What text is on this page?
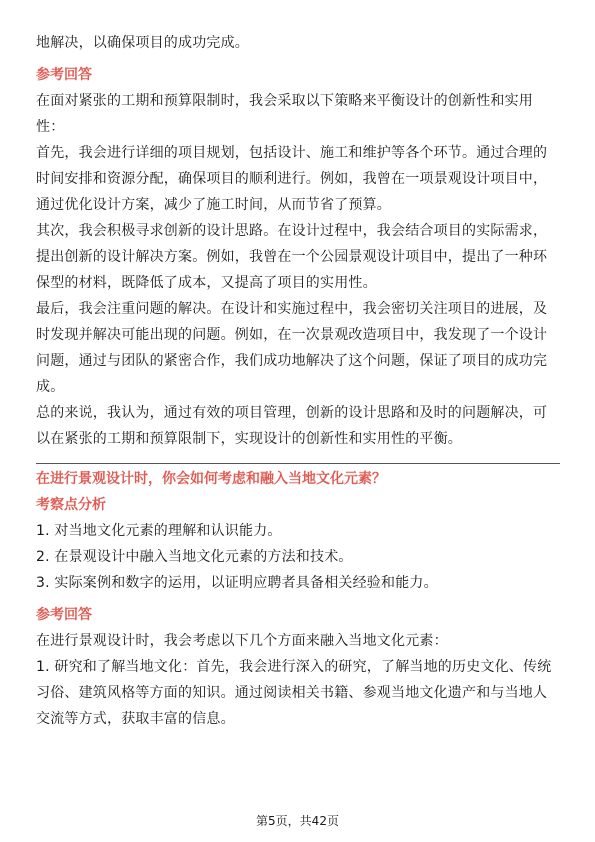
地解决，以确保项目的成功完成。

参考回答

在面对紧张的工期和预算限制时，我会采取以下策略来平衡设计的创新性和实用性：

首先，我会进行详细的项目规划，包括设计、施工和维护等各个环节。通过合理的时间安排和资源分配，确保项目的顺利进行。例如，我曾在一项景观设计项目中，通过优化设计方案，减少了施工时间，从而节省了预算。

其次，我会积极寻求创新的设计思路。在设计过程中，我会结合项目的实际需求，提出创新的设计解决方案。例如，我曾在一个公园景观设计项目中，提出了一种环保型的材料，既降低了成本，又提高了项目的实用性。

最后，我会注重问题的解决。在设计和实施过程中，我会密切关注项目的进展，及时发现并解决可能出现的问题。例如，在一次景观改造项目中，我发现了一个设计问题，通过与团队的紧密合作，我们成功地解决了这个问题，保证了项目的成功完成。

总的来说，我认为，通过有效的项目管理，创新的设计思路和及时的问题解决，可以在紧张的工期和预算限制下，实现设计的创新性和实用性的平衡。

在进行景观设计时，你会如何考虑和融入当地文化元素？
考察点分析

1. 对当地文化元素的理解和认识能力。

2. 在景观设计中融入当地文化元素的方法和技术。

3. 实际案例和数字的运用，以证明应聘者具备相关经验和能力。

参考回答

在进行景观设计时，我会考虑以下几个方面来融入当地文化元素：

1. 研究和了解当地文化：首先，我会进行深入的研究，了解当地的历史文化、传统习俗、建筑风格等方面的知识。通过阅读相关书籍、参观当地文化遗产和与当地人交流等方式，获取丰富的信息。

第5页，共42页
